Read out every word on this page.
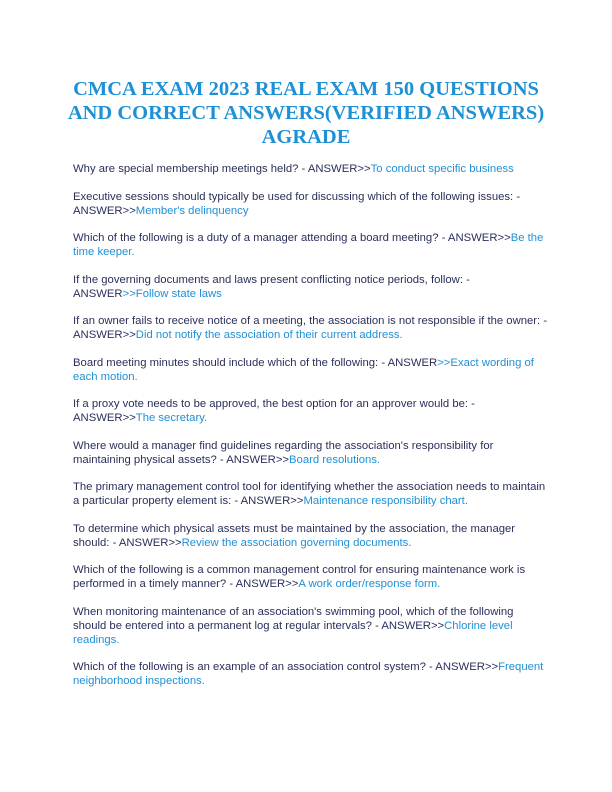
CMCA EXAM 2023 REAL EXAM 150 QUESTIONS AND CORRECT ANSWERS(VERIFIED ANSWERS) AGRADE

Why are special membership meetings held? - ANSWER>>To conduct specific business

Executive sessions should typically be used for discussing which of the following issues: - ANSWER>>Member's delinquency

Which of the following is a duty of a manager attending a board meeting? - ANSWER>>Be the time keeper.

If the governing documents and laws present conflicting notice periods, follow: - ANSWER>>Follow state laws

If an owner fails to receive notice of a meeting, the association is not responsible if the owner: - ANSWER>>Did not notify the association of their current address.

Board meeting minutes should include which of the following: - ANSWER>>Exact wording of each motion.

If a proxy vote needs to be approved, the best option for an approver would be: - ANSWER>>The secretary.

Where would a manager find guidelines regarding the association's responsibility for maintaining physical assets? - ANSWER>>Board resolutions.

The primary management control tool for identifying whether the association needs to maintain a particular property element is: - ANSWER>>Maintenance responsibility chart.

To determine which physical assets must be maintained by the association, the manager should: - ANSWER>>Review the association governing documents.

Which of the following is a common management control for ensuring maintenance work is performed in a timely manner? - ANSWER>>A work order/response form.

When monitoring maintenance of an association's swimming pool, which of the following should be entered into a permanent log at regular intervals? - ANSWER>>Chlorine level readings.

Which of the following is an example of an association control system? - ANSWER>>Frequent neighborhood inspections.
